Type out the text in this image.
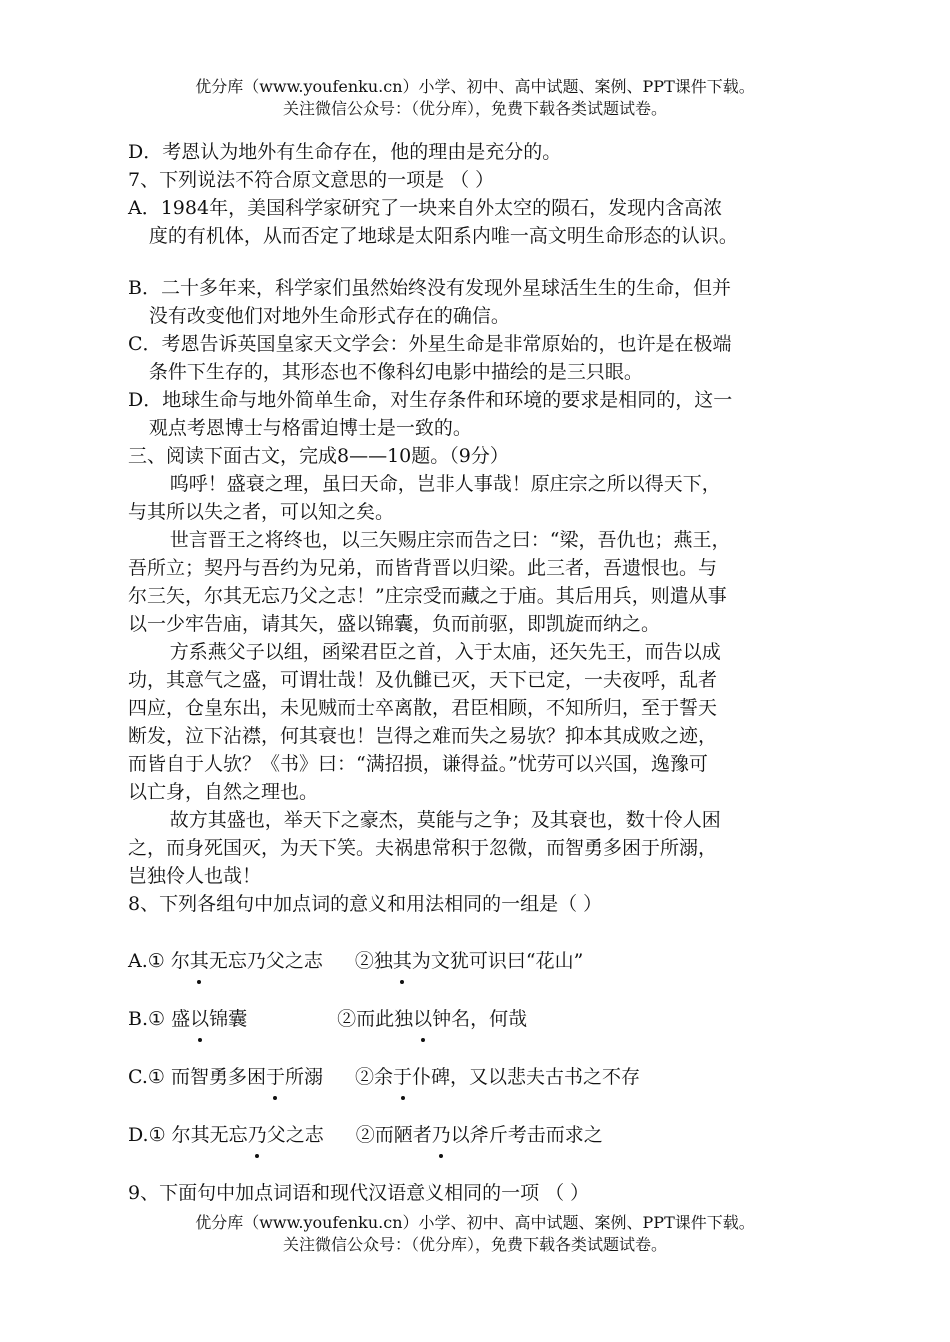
优分库（www.youfenku.cn）小学、初中、高中试题、案例、PPT课件下载。
关注微信公众号：（优分库），免费下载各类试题试卷。
D．考恩认为地外有生命存在，他的理由是充分的。
7、下列说法不符合原文意思的一项是 （ ）
A．1984年，美国科学家研究了一块来自外太空的陨石，发现内含高浓
度的有机体，从而否定了地球是太阳系内唯一高文明生命形态的认识。
B．二十多年来，科学家们虽然始终没有发现外星球活生生的生命，但并
没有改变他们对地外生命形式存在的确信。
C．考恩告诉英国皇家天文学会：外星生命是非常原始的，也许是在极端
条件下生存的，其形态也不像科幻电影中描绘的是三只眼。
D．地球生命与地外简单生命，对生存条件和环境的要求是相同的，这一
观点考恩博士与格雷迫博士是一致的。
三、阅读下面古文，完成8——10题。（9分）
呜呼！盛衰之理，虽曰天命，岂非人事哉！原庄宗之所以得天下，
与其所以失之者，可以知之矣。
世言晋王之将终也，以三矢赐庄宗而告之曰：“梁，吾仇也；燕王，
吾所立；契丹与吾约为兄弟，而皆背晋以归梁。此三者，吾遗恨也。与
尔三矢，尔其无忘乃父之志！”庄宗受而藏之于庙。其后用兵，则遣从事
以一少牢告庙，请其矢，盛以锦囊，负而前驱，即凯旋而纳之。
方系燕父子以组，函梁君臣之首，入于太庙，还矢先王，而告以成
功，其意气之盛，可谓壮哉！及仇雠已灭，天下已定，一夫夜呼，乱者
四应，仓皇东出，未见贼而士卒离散，君臣相顾，不知所归，至于誓天
断发，泣下沾襟，何其衰也！岂得之难而失之易欤？抑本其成败之迹，
而皆自于人欤？《书》曰：“满招损，谦得益。”忧劳可以兴国，逸豫可
以亡身，自然之理也。
故方其盛也，举天下之豪杰，莫能与之争；及其衰也，数十伶人困
之，而身死国灭，为天下笑。夫祸患常积于忽微，而智勇多困于所溺，
岂独伶人也哉！
8、下列各组句中加点词的意义和用法相同的一组是（ ）
A.① 尔其无忘乃父之志 ②独其为文犹可识曰“花山”
B.① 盛以锦囊	②而此独以钟名，何哉
C.① 而智勇多困于所溺 ②余于仆碑，又以悲夫古书之不存
D.① 尔其无忘乃父之志 ②而陋者乃以斧斤考击而求之
9、下面句中加点词语和现代汉语意义相同的一项 （ ）
优分库（www.youfenku.cn）小学、初中、高中试题、案例、PPT课件下载。
关注微信公众号：（优分库），免费下载各类试题试卷。
